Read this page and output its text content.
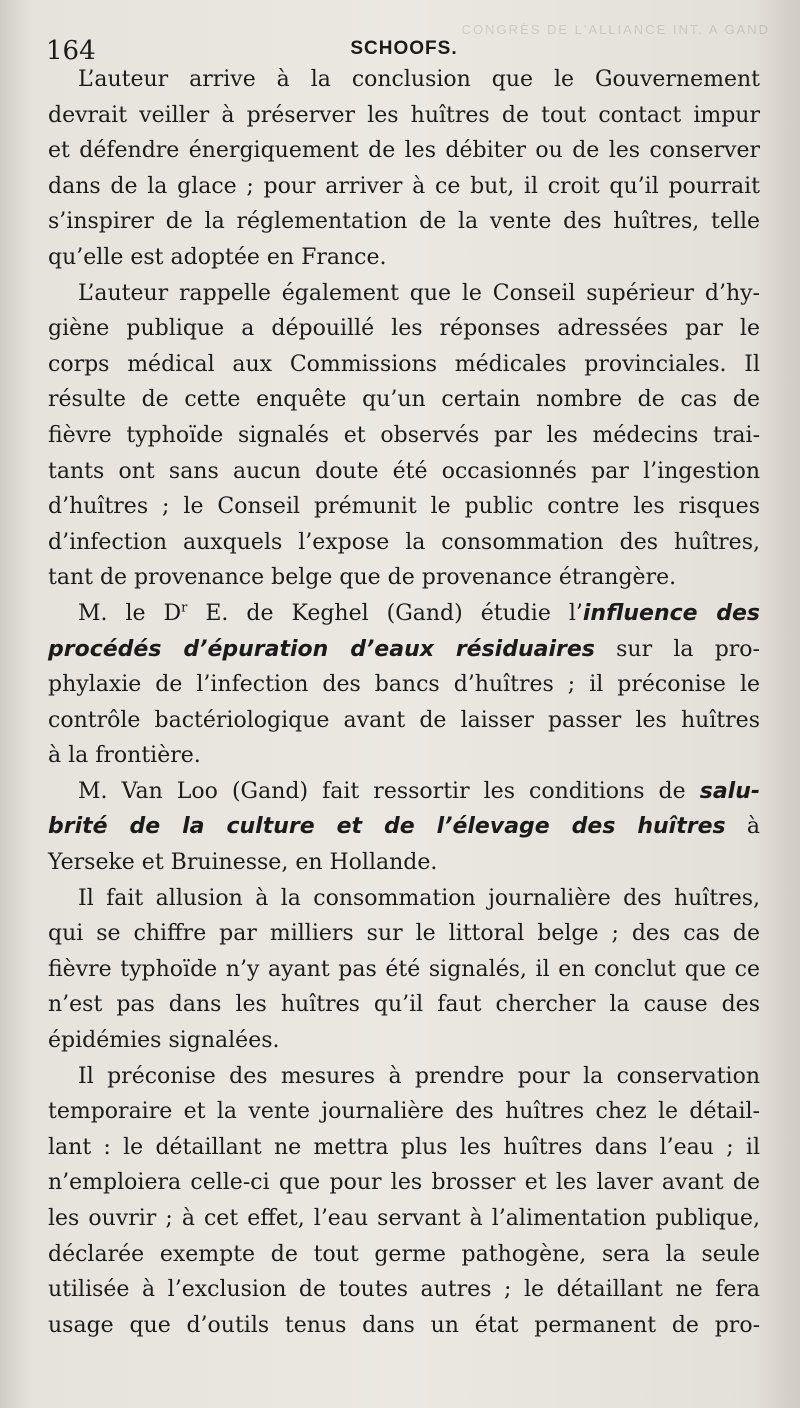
CONGRÈS DE L'ALLIANCE INT. A GAND
164	SCHOOFS.
L’auteur arrive à la conclusion que le Gouvernement
devrait veiller à préserver les huîtres de tout contact impur
et défendre énergiquement de les débiter ou de les conserver
dans de la glace ; pour arriver à ce but, il croit qu’il pourrait
s’inspirer de la réglementation de la vente des huîtres, telle
qu’elle est adoptée en France.
L’auteur rappelle également que le Conseil supérieur d’hy-
giène publique a dépouillé les réponses adressées par le
corps médical aux Commissions médicales provinciales. Il
résulte de cette enquête qu’un certain nombre de cas de
fièvre typhoïde signalés et observés par les médecins trai-
tants ont sans aucun doute été occasionnés par l’ingestion
d’huîtres ; le Conseil prémunit le public contre les risques
d’infection auxquels l’expose la consommation des huîtres,
tant de provenance belge que de provenance étrangère.
M. le $D^r$ E. de Keghel (Gand) étudie l’influence des
procédés d’épuration d’eaux résiduaires sur la pro-
phylaxie de l’infection des bancs d’huîtres ; il préconise le
contrôle bactériologique avant de laisser passer les huîtres
à la frontière.
M. Van Loo (Gand) fait ressortir les conditions de salu-
brité de la culture et de l’élevage des huîtres à
Yerseke et Bruinesse, en Hollande.
Il fait allusion à la consommation journalière des huîtres,
qui se chiffre par milliers sur le littoral belge ; des cas de
fièvre typhoïde n’y ayant pas été signalés, il en conclut que ce
n’est pas dans les huîtres qu’il faut chercher la cause des
épidémies signalées.
Il préconise des mesures à prendre pour la conservation
temporaire et la vente journalière des huîtres chez le détail-
lant : le détaillant ne mettra plus les huîtres dans l’eau ; il
n’emploiera celle-ci que pour les brosser et les laver avant de
les ouvrir ; à cet effet, l’eau servant à l’alimentation publique,
déclarée exempte de tout germe pathogène, sera la seule
utilisée à l’exclusion de toutes autres ; le détaillant ne fera
usage que d’outils tenus dans un état permanent de pro-
